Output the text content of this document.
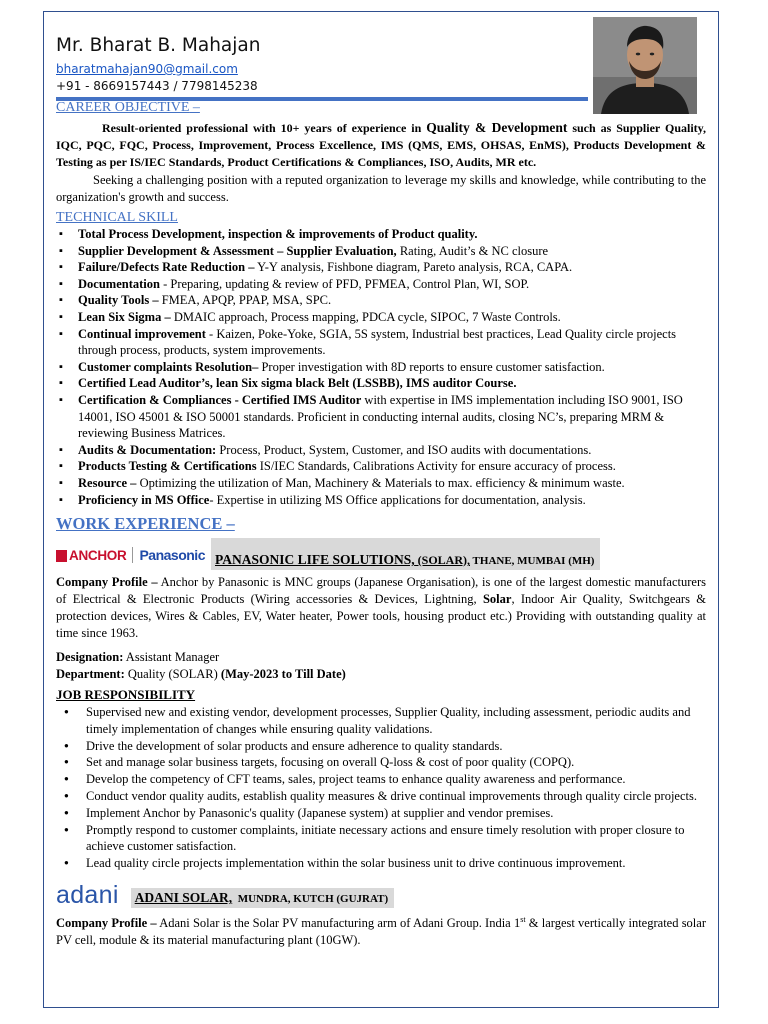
Mr. Bharat B. Mahajan
bharatmahajan90@gmail.com
+91 - 8669157443 / 7798145238
CAREER OBJECTIVE –

Result-oriented professional with 10+ years of experience in Quality & Development such as Supplier Quality, IQC, PQC, FQC, Process, Improvement, Process Excellence, IMS (QMS, EMS, OHSAS, EnMS), Products Development & Testing as per IS/IEC Standards, Product Certifications & Compliances, ISO, Audits, MR etc.

Seeking a challenging position with a reputed organization to leverage my skills and knowledge, while contributing to the organization's growth and success.

TECHNICAL SKILL
▪ Total Process Development, inspection & improvements of Product quality.
▪ Supplier Development & Assessment – Supplier Evaluation, Rating, Audit’s & NC closure
▪ Failure/Defects Rate Reduction – Y-Y analysis, Fishbone diagram, Pareto analysis, RCA, CAPA.
▪ Documentation - Preparing, updating & review of PFD, PFMEA, Control Plan, WI, SOP.
▪ Quality Tools – FMEA, APQP, PPAP, MSA, SPC.
▪ Lean Six Sigma – DMAIC approach, Process mapping, PDCA cycle, SIPOC, 7 Waste Controls.
▪ Continual improvement - Kaizen, Poke-Yoke, SGIA, 5S system, Industrial best practices, Lead Quality circle projects through process, products, system improvements.
▪ Customer complaints Resolution– Proper investigation with 8D reports to ensure customer satisfaction.
▪ Certified Lead Auditor’s, lean Six sigma black Belt (LSSBB), IMS auditor Course.
▪ Certification & Compliances - Certified IMS Auditor with expertise in IMS implementation including ISO 9001, ISO 14001, ISO 45001 & ISO 50001 standards. Proficient in conducting internal audits, closing NC’s, preparing MRM & reviewing Business Matrices.
▪ Audits & Documentation: Process, Product, System, Customer, and ISO audits with documentations.
▪ Products Testing & Certifications IS/IEC Standards, Calibrations Activity for ensure accuracy of process.
▪ Resource – Optimizing the utilization of Man, Machinery & Materials to max. efficiency & minimum waste.
▪ Proficiency in MS Office- Expertise in utilizing MS Office applications for documentation, analysis.
WORK EXPERIENCE –
ANCHOR Panasonic PANASONIC LIFE SOLUTIONS, (SOLAR), THANE, MUMBAI (MH)

Company Profile – Anchor by Panasonic is MNC groups (Japanese Organisation), is one of the largest domestic manufacturers of Electrical & Electronic Products (Wiring accessories & Devices, Lightning, Solar, Indoor Air Quality, Switchgears & protection devices, Wires & Cables, EV, Water heater, Power tools, housing product etc.) Providing with outstanding quality at time since 1963.

Designation: Assistant Manager

Department: Quality (SOLAR) (May-2023 to Till Date)

JOB RESPONSIBILITY
● Supervised new and existing vendor, development processes, Supplier Quality, including assessment, periodic audits and timely implementation of changes while ensuring quality validations.
● Drive the development of solar products and ensure adherence to quality standards.
● Set and manage solar business targets, focusing on overall Q-loss & cost of poor quality (COPQ).
● Develop the competency of CFT teams, sales, project teams to enhance quality awareness and performance.
● Conduct vendor quality audits, establish quality measures & drive continual improvements through quality circle projects.
● Implement Anchor by Panasonic's quality (Japanese system) at supplier and vendor premises.
● Promptly respond to customer complaints, initiate necessary actions and ensure timely resolution with proper closure to achieve customer satisfaction.
● Lead quality circle projects implementation within the solar business unit to drive continuous improvement.
adani ADANI SOLAR,  MUNDRA, KUTCH (GUJRAT)

Company Profile – Adani Solar is the Solar PV manufacturing arm of Adani Group. India 1st & largest vertically integrated solar PV cell, module & its material manufacturing plant (10GW).
